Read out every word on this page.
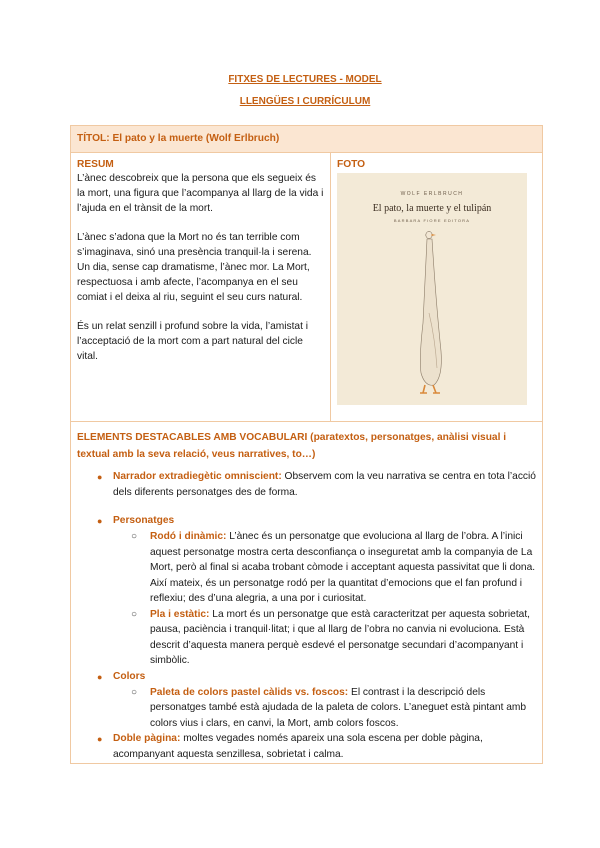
FITXES DE LECTURES - MODEL
LLENGÜES I CURRÍCULUM
TÍTOL: El pato y la muerte (Wolf Erlbruch)

RESUM

L’ànec descobreix que la persona que els segueix és la mort, una figura que l’acompanya al llarg de la vida i l’ajuda en el trànsit de la mort.

L’ànec s’adona que la Mort no és tan terrible com s’imaginava, sinó una presència tranquil·la i serena. Un dia, sense cap dramatisme, l’ànec mor. La Mort, respectuosa i amb afecte, l’acompanya en el seu comiat i el deixa al riu, seguint el seu curs natural.

És un relat senzill i profund sobre la vida, l’amistat i l’acceptació de la mort com a part natural del cicle vital.

FOTO
WOLF ERLBRUCH
El pato, la muerte y el tulipán
BARBARA FIORE EDITORA

ELEMENTS DESTACABLES AMB VOCABULARI (paratextos, personatges, anàlisi visual i textual amb la seva relació, veus narratives, to…)
● Narrador extradiegètic omniscient: Observem com la veu narrativa se centra en tota l’acció dels diferents personatges des de forma.
● Personatges
○ Rodó i dinàmic: L’ànec és un personatge que evoluciona al llarg de l’obra. A l’inici aquest personatge mostra certa desconfiança o inseguretat amb la companyia de La Mort, però al final si acaba trobant còmode i acceptant aquesta passivitat que li dona. Així mateix, és un personatge rodó per la quantitat d’emocions que el fan profund i reflexiu; des d’una alegria, a una por i curiositat.
○ Pla i estàtic: La mort és un personatge que està caracteritzat per aquesta sobrietat, pausa, paciència i tranquil·litat; i que al llarg de l’obra no canvia ni evoluciona. Està descrit d’aquesta manera perquè esdevé el personatge secundari d’acompanyant i simbòlic.
● Colors
○ Paleta de colors pastel càlids vs. foscos: El contrast i la descripció dels personatges també està ajudada de la paleta de colors. L’aneguet està pintant amb colors vius i clars, en canvi, la Mort, amb colors foscos.
● Doble pàgina: moltes vegades només apareix una sola escena per doble pàgina, acompanyant aquesta senzillesa, sobrietat i calma.
